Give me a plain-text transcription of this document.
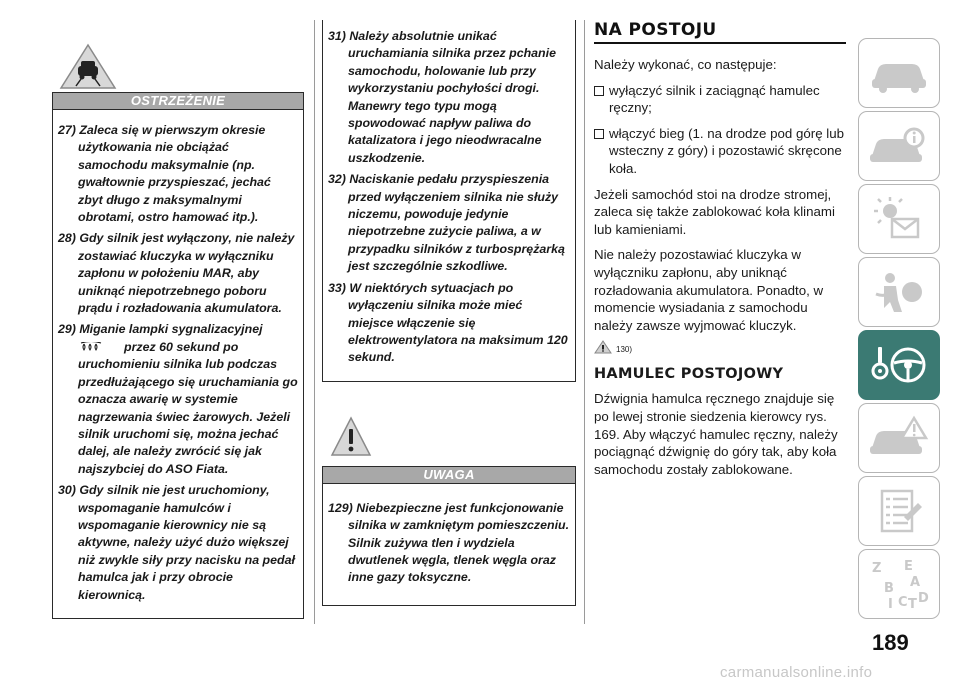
OSTRZEŻENIE
27) Zaleca się w pierwszym okresie użytkowania nie obciążać samochodu maksymalnie (np. gwałtownie przyspieszać, jechać zbyt długo z maksymalnymi obrotami, ostro hamować itp.).
28) Gdy silnik jest wyłączony, nie należy zostawiać kluczyka w wyłączniku zapłonu w położeniu MAR, aby uniknąć niepotrzebnego poboru prądu i rozładowania akumulatora.
29) Miganie lampki sygnalizacyjnej
przez 60 sekund po uruchomieniu silnika lub podczas przedłużającego się uruchamiania go oznacza awarię w systemie nagrzewania świec żarowych. Jeżeli silnik uruchomi się, można jechać dalej, ale należy zwrócić się jak najszybciej do ASO Fiata.
30) Gdy silnik nie jest uruchomiony, wspomaganie hamulców i wspomaganie kierownicy nie są aktywne, należy użyć dużo większej niż zwykle siły przy nacisku na pedał hamulca jak i przy obrocie kierownicą.
31) Należy absolutnie unikać uruchamiania silnika przez pchanie samochodu, holowanie lub przy wykorzystaniu pochyłości drogi. Manewry tego typu mogą spowodować napływ paliwa do katalizatora i jego nieodwracalne uszkodzenie.
32) Naciskanie pedału przyspieszenia przed wyłączeniem silnika nie służy niczemu, powoduje jedynie niepotrzebne zużycie paliwa, a w przypadku silników z turbosprężarką jest szczególnie szkodliwe.
33) W niektórych sytuacjach po wyłączeniu silnika może mieć miejsce włączenie się elektrowentylatora na maksimum 120 sekund.
UWAGA
129) Niebezpieczne jest funkcjonowanie silnika w zamkniętym pomieszczeniu. Silnik zużywa tlen i wydziela dwutlenek węgla, tlenek węgla oraz inne gazy toksyczne.
NA POSTOJU
Należy wykonać, co następuje:
wyłączyć silnik i zaciągnąć hamulec ręczny;
włączyć bieg (1. na drodze pod górę lub wsteczny z góry) i pozostawić skręcone koła.
Jeżeli samochód stoi na drodze stromej, zaleca się także zablokować koła klinami lub kamieniami.
Nie należy pozostawiać kluczyka w wyłączniku zapłonu, aby uniknąć rozładowania akumulatora. Ponadto, w momencie wysiadania z samochodu należy zawsze wyjmować kluczyk.
130)
HAMULEC POSTOJOWY
Dźwignia hamulca ręcznego znajduje się po lewej stronie siedzenia kierowcy rys. 169. Aby włączyć hamulec ręczny, należy pociągnąć dźwignię do góry tak, aby koła samochodu zostały zablokowane.
Z E
A
B
D
C T
I
189
carmanualsonline.info
